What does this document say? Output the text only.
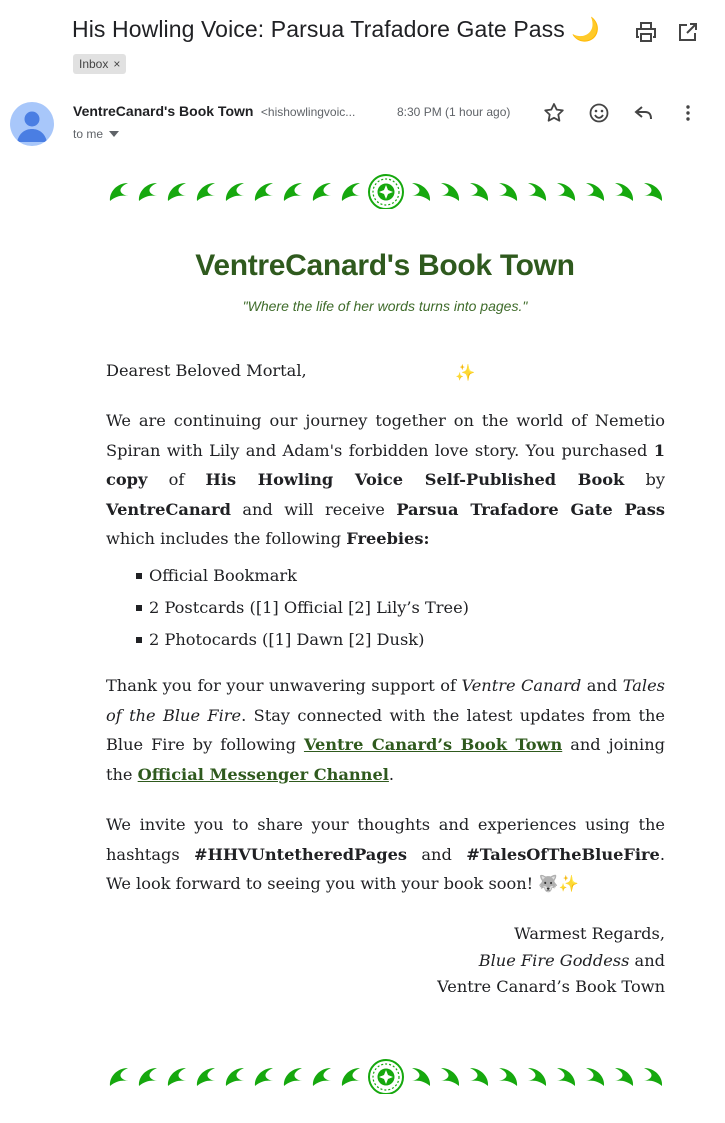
His Howling Voice: Parsua Trafadore Gate Pass 🌙
Inbox ×
VentreCanard's Book Town <hishowlingvoic...	8:30 PM (1 hour ago)
to me
VentreCanard's Book Town
"Where the life of her words turns into pages."

Dearest Beloved Mortal,	✨

We are continuing our journey together on the world of Nemetio Spiran with Lily and Adam's forbidden love story. You purchased 1 copy of His Howling Voice Self-Published Book by VentreCanard and will receive Parsua Trafadore Gate Pass which includes the following Freebies:

Official Bookmark
2 Postcards ([1] Official [2] Lily’s Tree)
2 Photocards ([1] Dawn [2] Dusk)

Thank you for your unwavering support of Ventre Canard and Tales of the Blue Fire. Stay connected with the latest updates from the Blue Fire by following Ventre Canard’s Book Town and joining the Official Messenger Channel.

We invite you to share your thoughts and experiences using the hashtags #HHVUntetheredPages and #TalesOfTheBlueFire. We look forward to seeing you with your book soon! 🐺✨

Warmest Regards,
Blue Fire Goddess and
Ventre Canard’s Book Town
